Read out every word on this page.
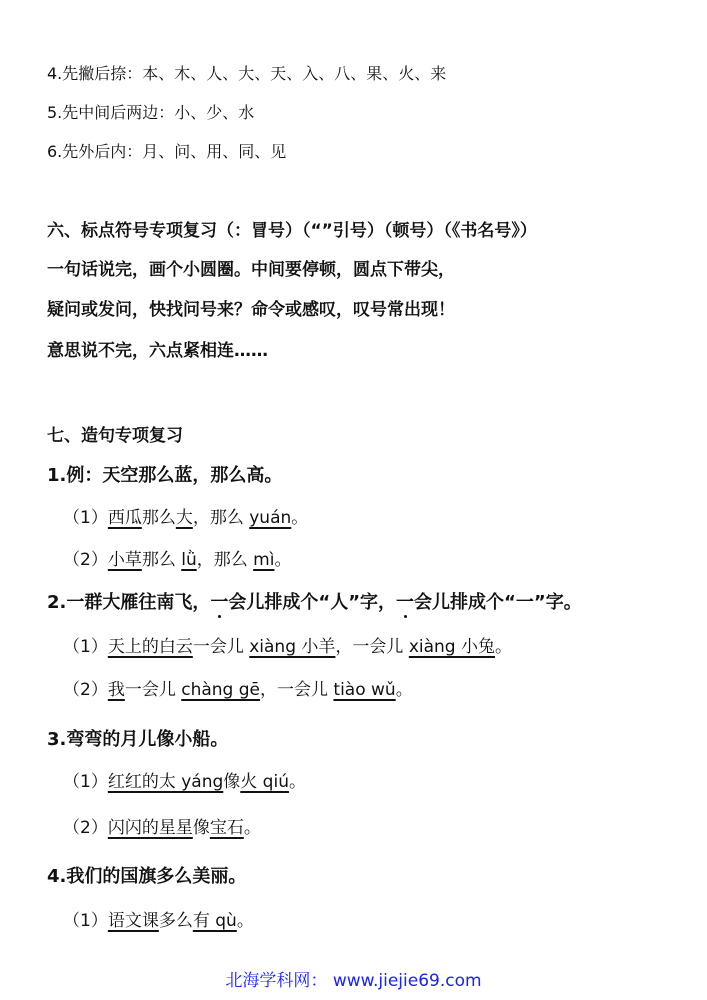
4.先撇后捺：本、木、人、大、天、入、八、果、火、来
5.先中间后两边：小、少、水
6.先外后内：月、问、用、同、见
六、标点符号专项复习（：冒号）（“”引号）（顿号）（《书名号》）
一句话说完，画个小圆圈。中间要停顿，圆点下带尖，
疑问或发问，快找问号来？命令或感叹，叹号常出现！
意思说不完，六点紧相连……
七、造句专项复习
1.例：天空那么蓝，那么高。
（1）西瓜那么大，那么 yuán。
（2）小草那么 lǜ，那么 mì。
2.一群大雁往南飞，一会儿排成个“人”字，一会儿排成个“一”字。
（1）天上的白云一会儿 xiàng 小羊，一会儿 xiàng 小兔。
（2）我一会儿 chàng gē，一会儿 tiào wǔ。
3.弯弯的月儿像小船。
（1）红红的太 yáng像火 qiú。
（2）闪闪的星星像宝石。
4.我们的国旗多么美丽。
（1）语文课多么有 qù。
北海学科网： www.jiejie69.com
